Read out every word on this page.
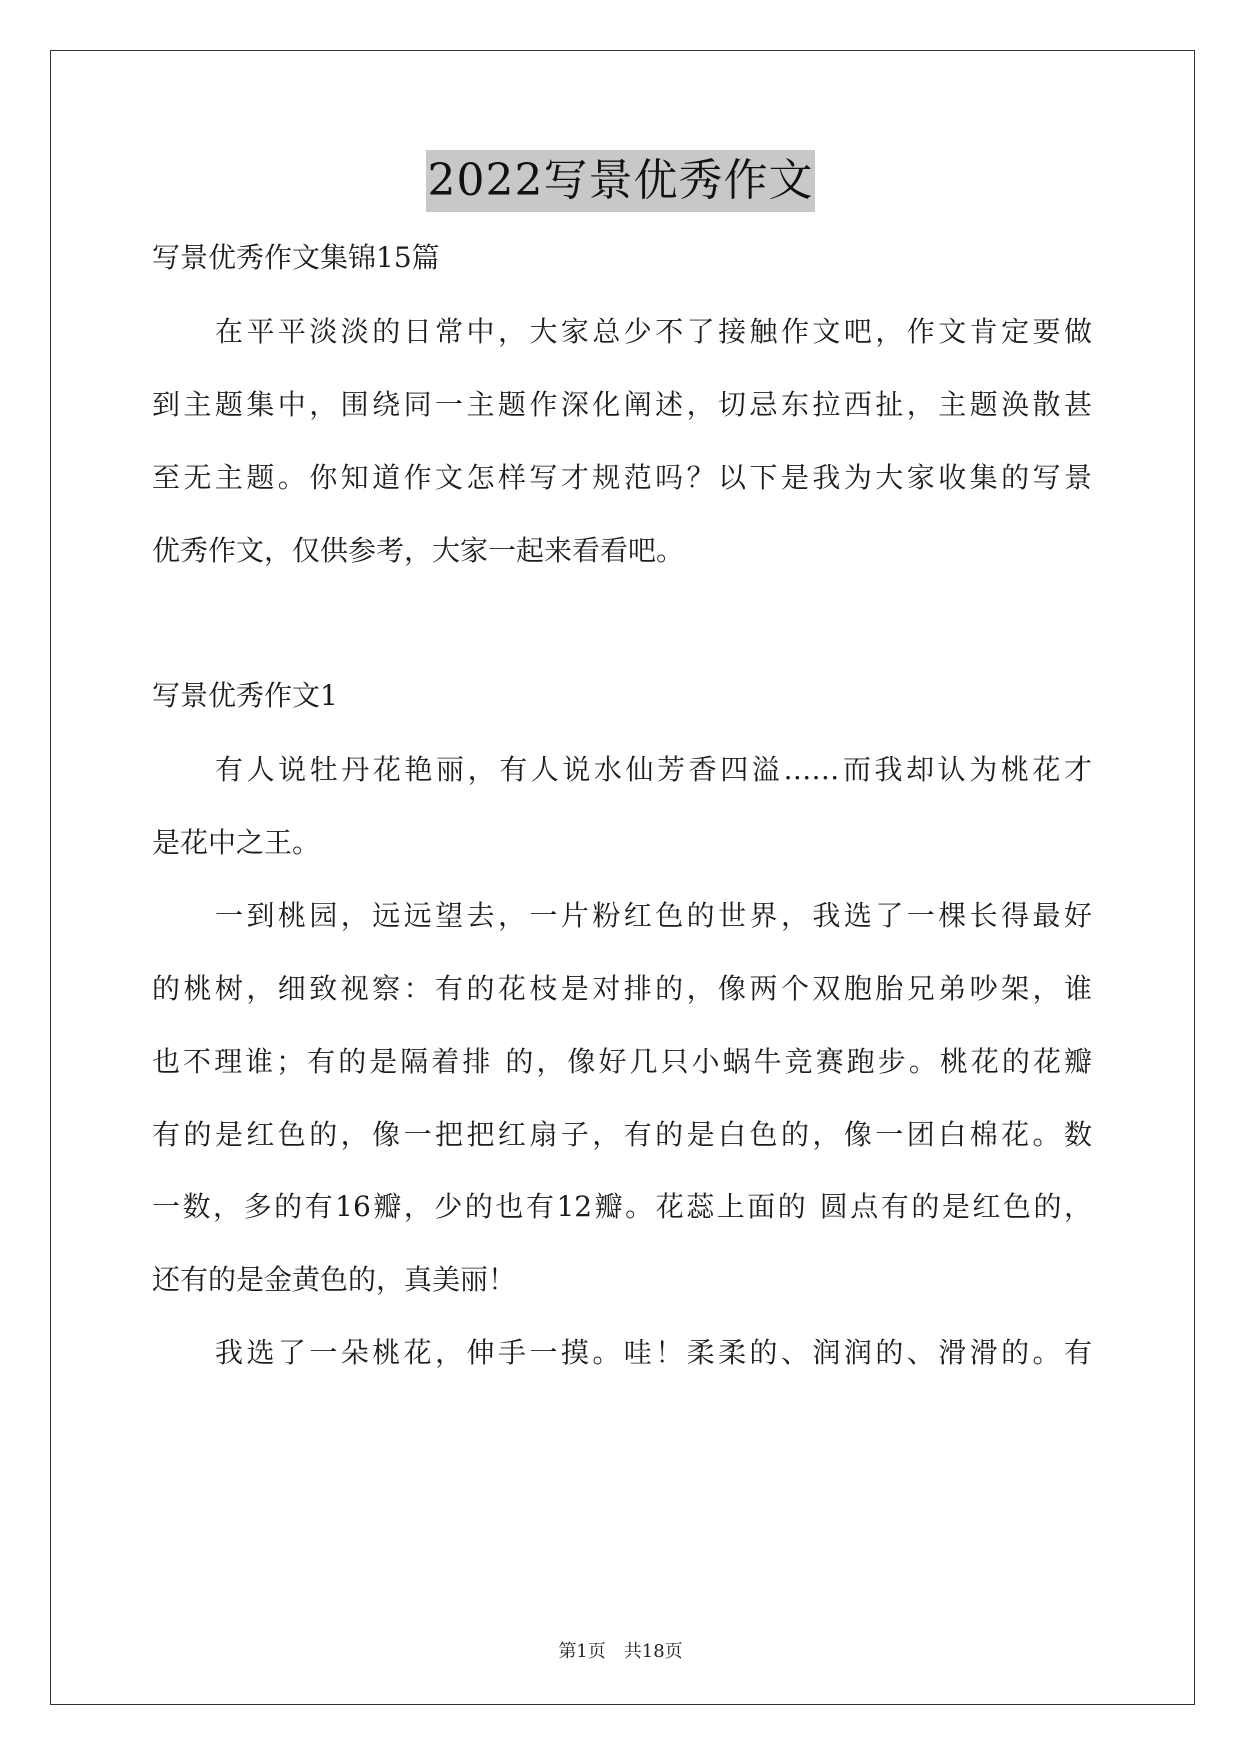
2022写景优秀作文
写景优秀作文集锦15篇
在平平淡淡的日常中，大家总少不了接触作文吧，作文肯定要做
到主题集中，围绕同一主题作深化阐述，切忌东拉西扯，主题涣散甚
至无主题。你知道作文怎样写才规范吗？以下是我为大家收集的写景
优秀作文，仅供参考，大家一起来看看吧。
写景优秀作文1
有人说牡丹花艳丽，有人说水仙芳香四溢……而我却认为桃花才
是花中之王。
一到桃园，远远望去，一片粉红色的世界，我选了一棵长得最好
的桃树，细致视察：有的花枝是对排的，像两个双胞胎兄弟吵架，谁
也不理谁；有的是隔着排 的，像好几只小蜗牛竞赛跑步。桃花的花瓣
有的是红色的，像一把把红扇子，有的是白色的，像一团白棉花。数
一数，多的有16瓣，少的也有12瓣。花蕊上面的 圆点有的是红色的，
还有的是金黄色的，真美丽！
我选了一朵桃花，伸手一摸。哇！柔柔的、润润的、滑滑的。有
第1页　共18页
